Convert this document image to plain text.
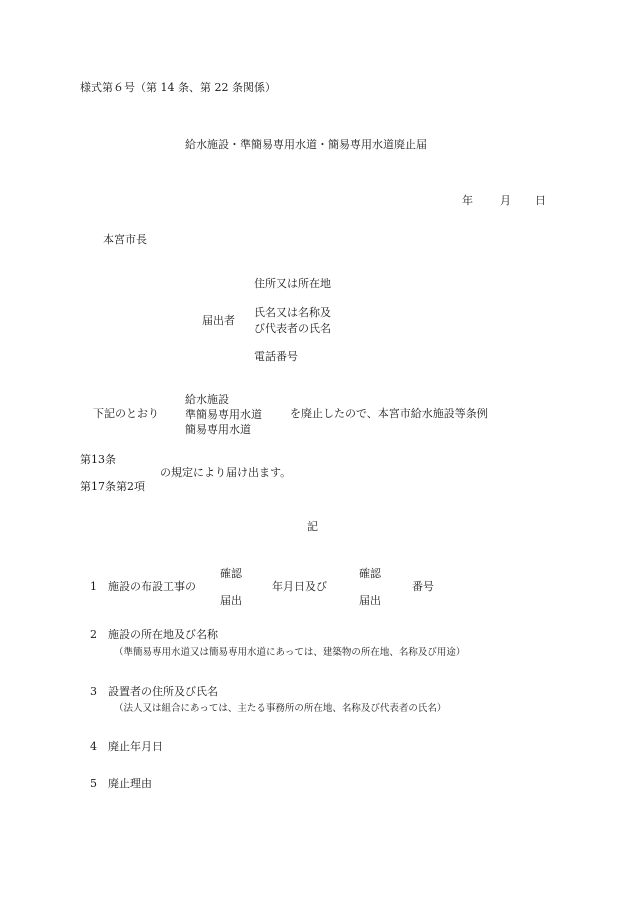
様式第６号（第 14 条、第 22 条関係）
給水施設・準簡易専用水道・簡易専用水道廃止届
年 月 日
本宮市長
住所又は所在地
届出者
氏名又は名称及
び代表者の氏名
電話番号
下記のとおり
給水施設
準簡易専用水道
簡易専用水道
を廃止したので、本宮市給水施設等条例
第13条
の規定により届け出ます。
第17条第2項
記
1 施設の布設工事の
確認
届出
年月日及び
確認
届出
番号
2 施設の所在地及び名称
（準簡易専用水道又は簡易専用水道にあっては、建築物の所在地、名称及び用途）
3 設置者の住所及び氏名
（法人又は組合にあっては、主たる事務所の所在地、名称及び代表者の氏名）
4 廃止年月日
5 廃止理由
